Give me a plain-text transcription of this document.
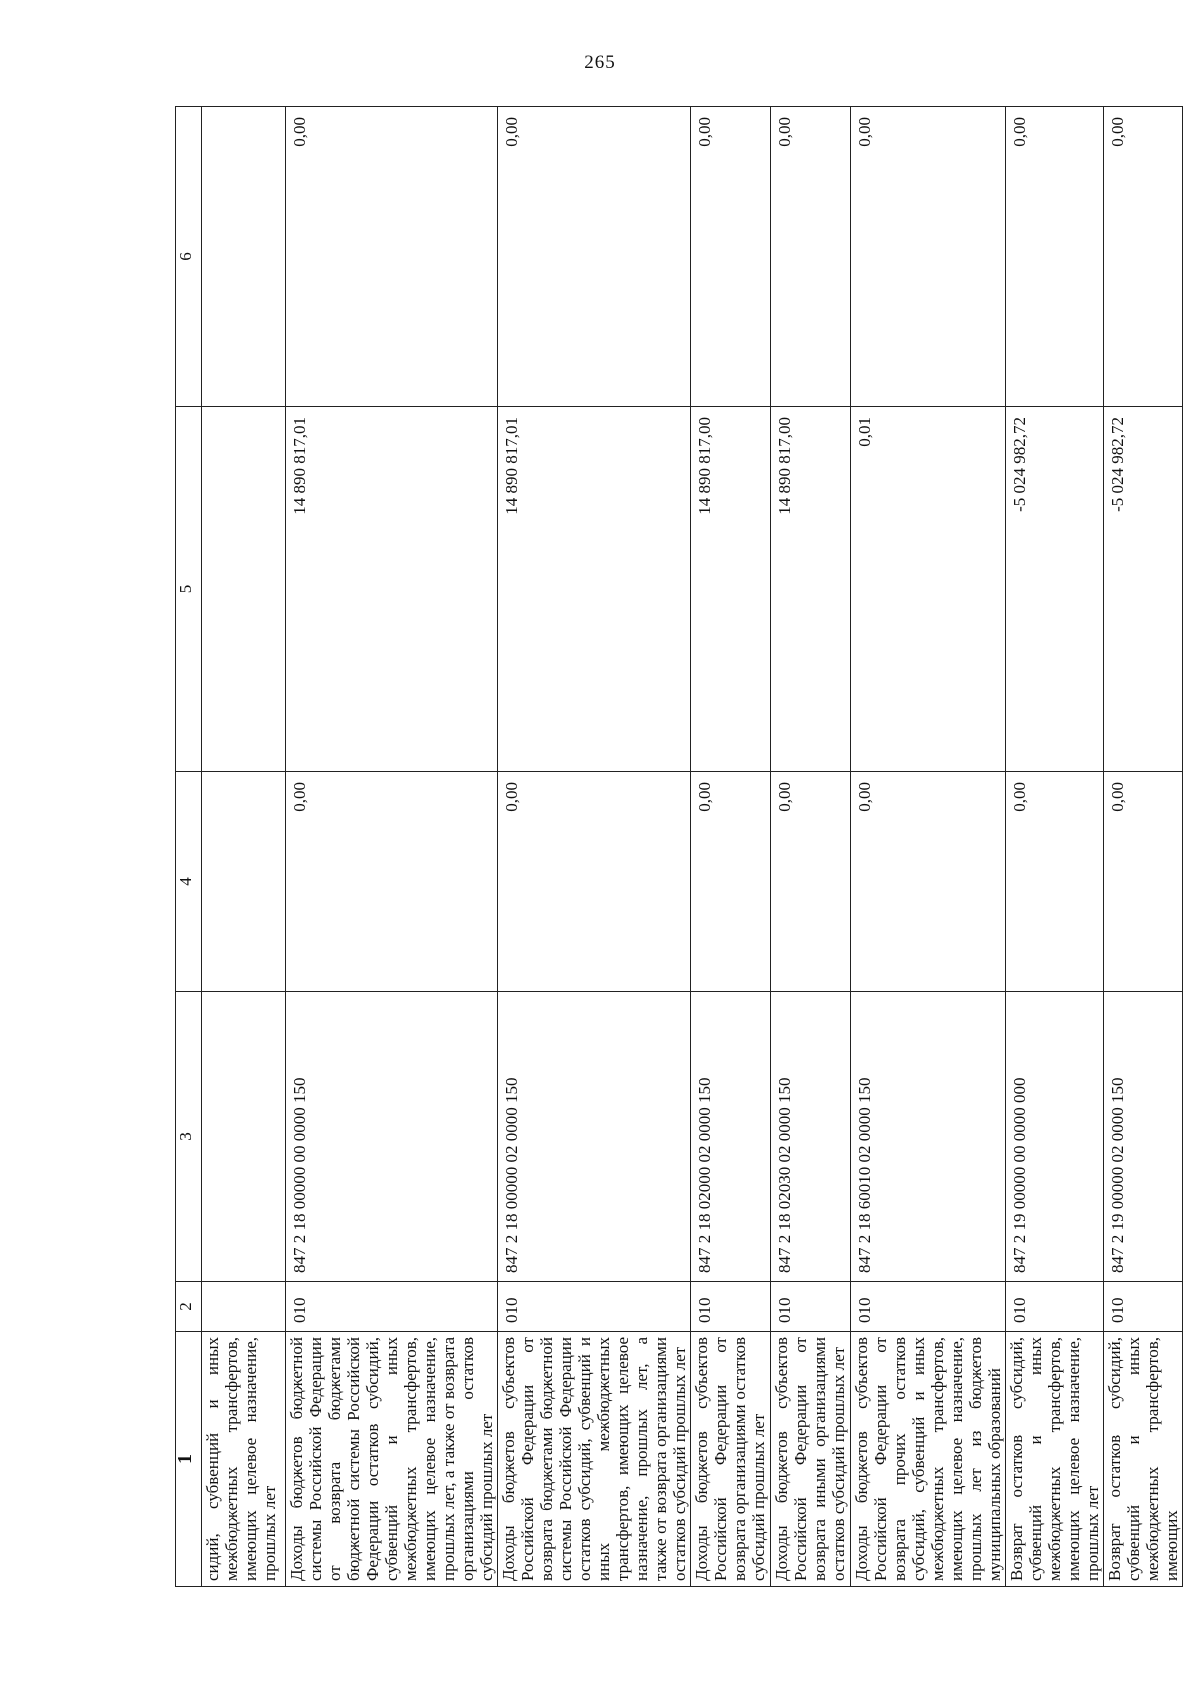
265
1	2	3	4	5	6
сидий, субвенций и иных межбюджетных трансфертов, имеющих целевое назначение, прошлых лет					
Доходы бюджетов бюджетной системы Российской Федерации от возврата бюджетами бюджетной системы Российской Федерации остатков субсидий, субвенций и иных межбюджетных трансфертов, имеющих целевое назначение, прошлых лет, а также от возврата организациями остатков субсидий прошлых лет	010	847 2 18 00000 00 0000 150	0,00	14 890 817,01	0,00
Доходы бюджетов субъектов Российской Федерации от возврата бюджетами бюджетной системы Российской Федерации остатков субсидий, субвенций и иных межбюджетных трансфертов, имеющих целевое назначение, прошлых лет, а также от возврата организациями остатков субсидий прошлых лет	010	847 2 18 00000 02 0000 150	0,00	14 890 817,01	0,00
Доходы бюджетов субъектов Российской Федерации от возврата организациями остатков субсидий прошлых лет	010	847 2 18 02000 02 0000 150	0,00	14 890 817,00	0,00
Доходы бюджетов субъектов Российской Федерации от возврата иными организациями остатков субсидий прошлых лет	010	847 2 18 02030 02 0000 150	0,00	14 890 817,00	0,00
Доходы бюджетов субъектов Российской Федерации от возврата прочих остатков субсидий, субвенций и иных межбюджетных трансфертов, имеющих целевое назначение, прошлых лет из бюджетов муниципальных образований	010	847 2 18 60010 02 0000 150	0,00	0,01	0,00
Возврат остатков субсидий, субвенций и иных межбюджетных трансфертов, имеющих целевое назначение, прошлых лет	010	847 2 19 00000 00 0000 000	0,00	-5 024 982,72	0,00
Возврат остатков субсидий, субвенций и иных межбюджетных трансфертов, имеющих	010	847 2 19 00000 02 0000 150	0,00	-5 024 982,72	0,00
